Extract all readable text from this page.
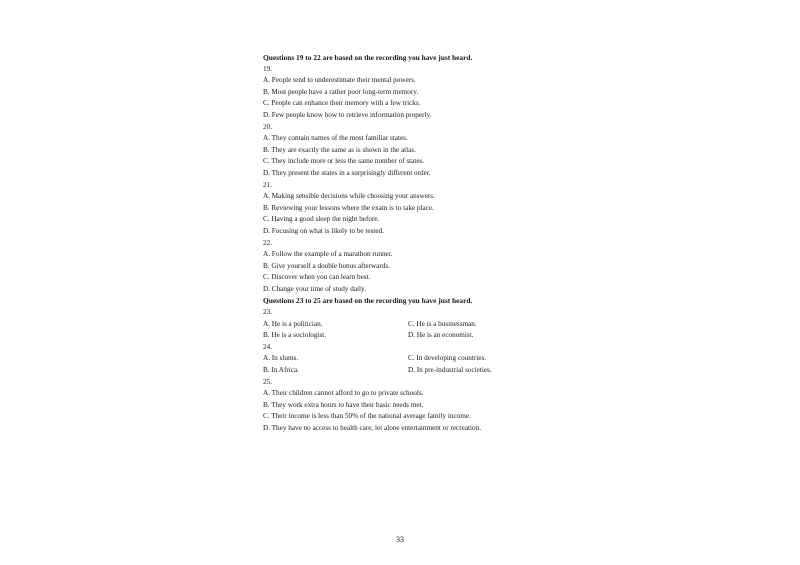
Questions 19 to 22 are based on the recording you have just heard.
19.
A. People tend to underestimate their mental powers.
B. Most people have a rather poor long-term memory.
C. People can enhance their memory with a few tricks.
D. Few people know how to retrieve information properly.
20.
A. They contain names of the most familiar states.
B. They are exactly the same as is shown in the atlas.
C. They include more or less the same number of states.
D. They present the states in a surprisingly different order.
21.
A. Making sensible decisions while choosing your answers.
B. Reviewing your lessons where the exam is to take place.
C. Having a good sleep the night before.
D. Focusing on what is likely to be tested.
22.
A. Follow the example of a marathon runner.
B. Give yourself a double bonus afterwards.
C. Discover when you can learn best.
D. Change your time of study daily.
Questions 23 to 25 are based on the recording you have just heard.
23.
A. He is a politician.	C. He is a businessman.
B. He is a sociologist.	D. He is an economist.
24.
A. In slums.	C. In developing countries.
B. In Africa.	D. In pre-industrial societies.
25.
A. Their children cannot afford to go to private schools.
B. They work extra hours to have their basic needs met.
C. Their income is less than 50% of the national average family income.
D. They have no access to health care, let alone entertainment or recreation.
33
